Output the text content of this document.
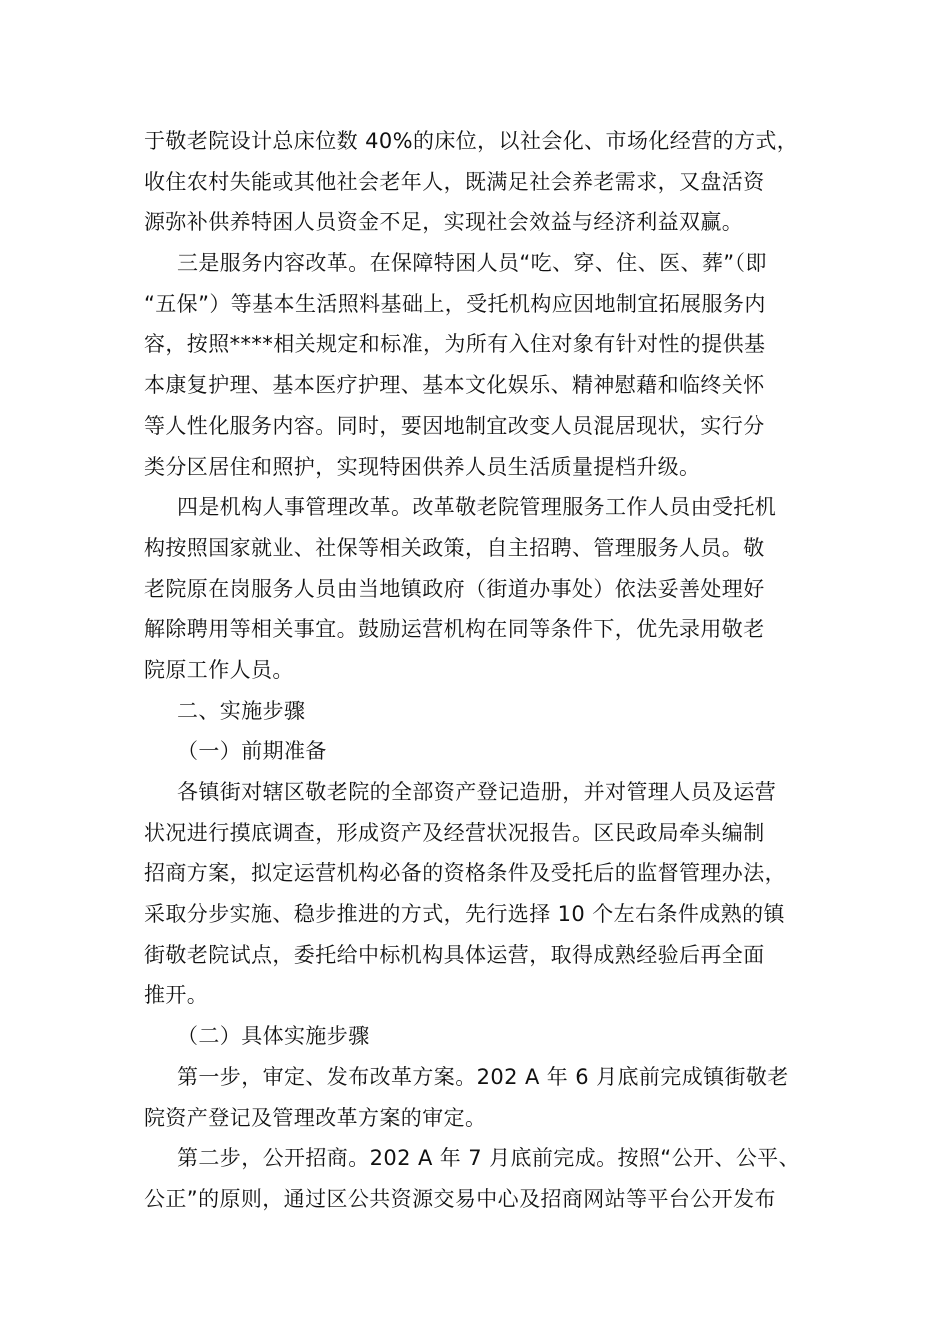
于敬老院设计总床位数 40%的床位，以社会化、市场化经营的方式，
收住农村失能或其他社会老年人，既满足社会养老需求，又盘活资
源弥补供养特困人员资金不足，实现社会效益与经济利益双赢。
三是服务内容改革。在保障特困人员“吃、穿、住、医、葬”（即
“五保”）等基本生活照料基础上，受托机构应因地制宜拓展服务内
容，按照****相关规定和标准，为所有入住对象有针对性的提供基
本康复护理、基本医疗护理、基本文化娱乐、精神慰藉和临终关怀
等人性化服务内容。同时，要因地制宜改变人员混居现状，实行分
类分区居住和照护，实现特困供养人员生活质量提档升级。
四是机构人事管理改革。改革敬老院管理服务工作人员由受托机
构按照国家就业、社保等相关政策，自主招聘、管理服务人员。敬
老院原在岗服务人员由当地镇政府（街道办事处）依法妥善处理好
解除聘用等相关事宜。鼓励运营机构在同等条件下，优先录用敬老
院原工作人员。
二、实施步骤
（一）前期准备
各镇街对辖区敬老院的全部资产登记造册，并对管理人员及运营
状况进行摸底调查，形成资产及经营状况报告。区民政局牵头编制
招商方案，拟定运营机构必备的资格条件及受托后的监督管理办法，
采取分步实施、稳步推进的方式，先行选择 10 个左右条件成熟的镇
街敬老院试点，委托给中标机构具体运营，取得成熟经验后再全面
推开。
（二）具体实施步骤
第一步，审定、发布改革方案。202 A 年 6 月底前完成镇街敬老
院资产登记及管理改革方案的审定。
第二步，公开招商。202 A 年 7 月底前完成。按照“公开、公平、
公正”的原则，通过区公共资源交易中心及招商网站等平台公开发布
